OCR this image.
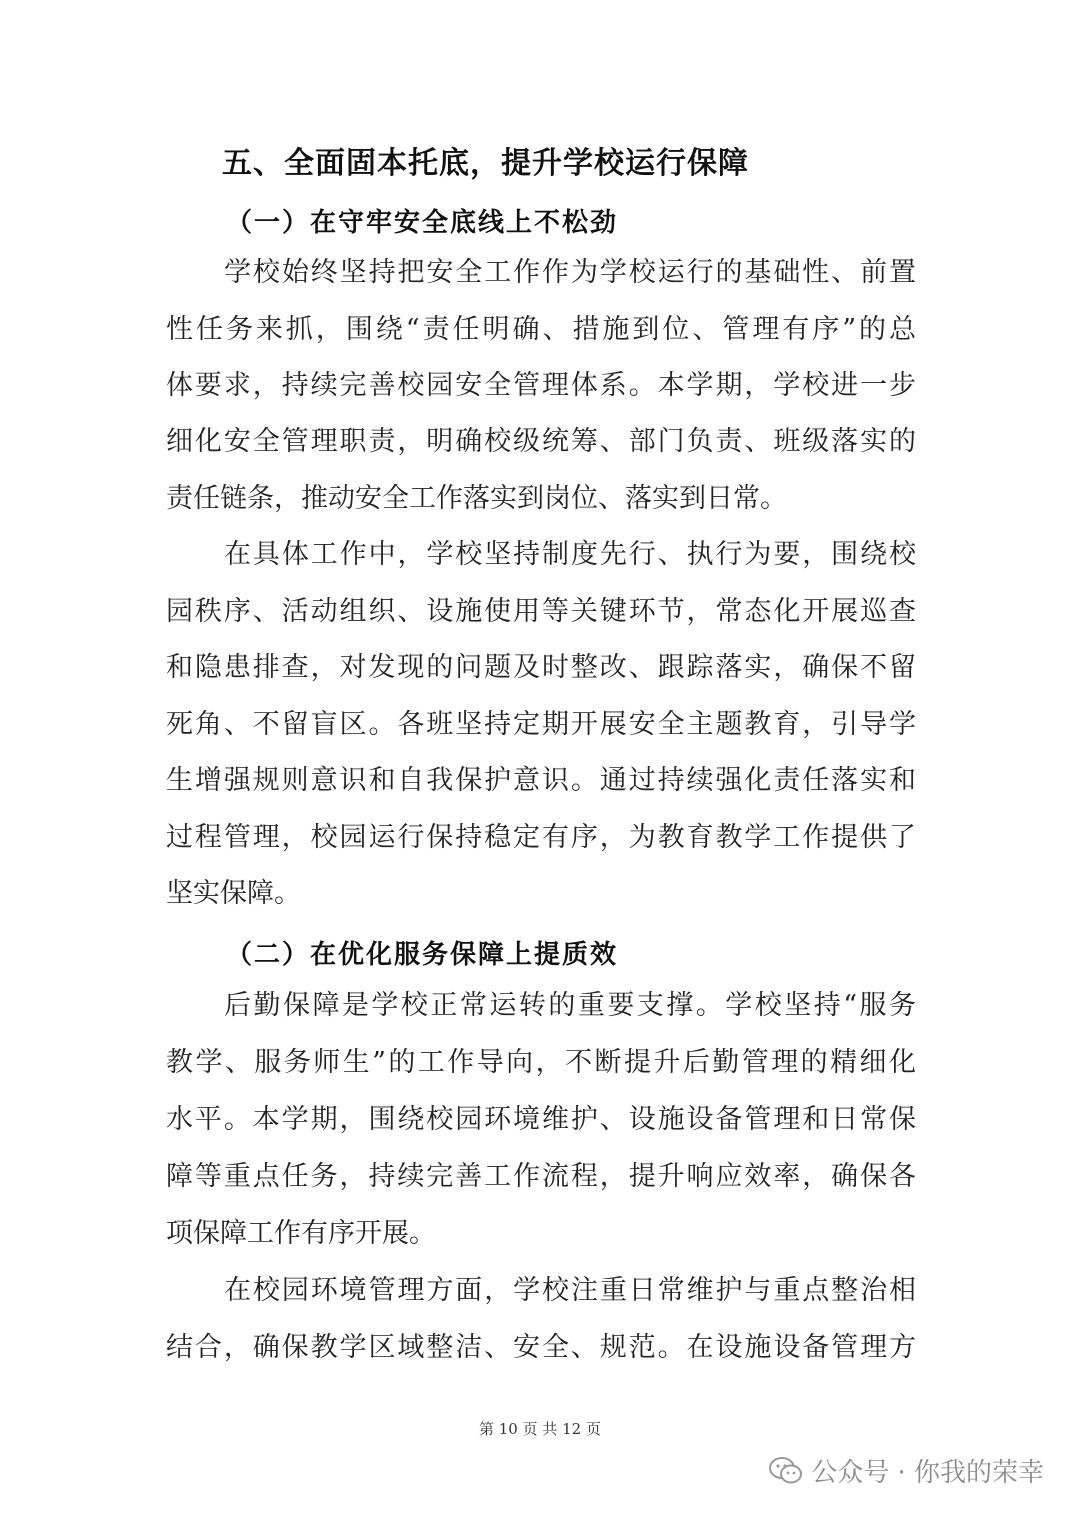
五、全面固本托底，提升学校运行保障
（一）在守牢安全底线上不松劲
学校始终坚持把安全工作作为学校运行的基础性、前置
性任务来抓，围绕“责任明确、措施到位、管理有序”的总
体要求，持续完善校园安全管理体系。本学期，学校进一步
细化安全管理职责，明确校级统筹、部门负责、班级落实的
责任链条，推动安全工作落实到岗位、落实到日常。
在具体工作中，学校坚持制度先行、执行为要，围绕校
园秩序、活动组织、设施使用等关键环节，常态化开展巡查
和隐患排查，对发现的问题及时整改、跟踪落实，确保不留
死角、不留盲区。各班坚持定期开展安全主题教育，引导学
生增强规则意识和自我保护意识。通过持续强化责任落实和
过程管理，校园运行保持稳定有序，为教育教学工作提供了
坚实保障。
（二）在优化服务保障上提质效
后勤保障是学校正常运转的重要支撑。学校坚持“服务
教学、服务师生”的工作导向，不断提升后勤管理的精细化
水平。本学期，围绕校园环境维护、设施设备管理和日常保
障等重点任务，持续完善工作流程，提升响应效率，确保各
项保障工作有序开展。
在校园环境管理方面，学校注重日常维护与重点整治相
结合，确保教学区域整洁、安全、规范。在设施设备管理方
第 10 页 共 12 页
公众号 · 你我的荣幸
